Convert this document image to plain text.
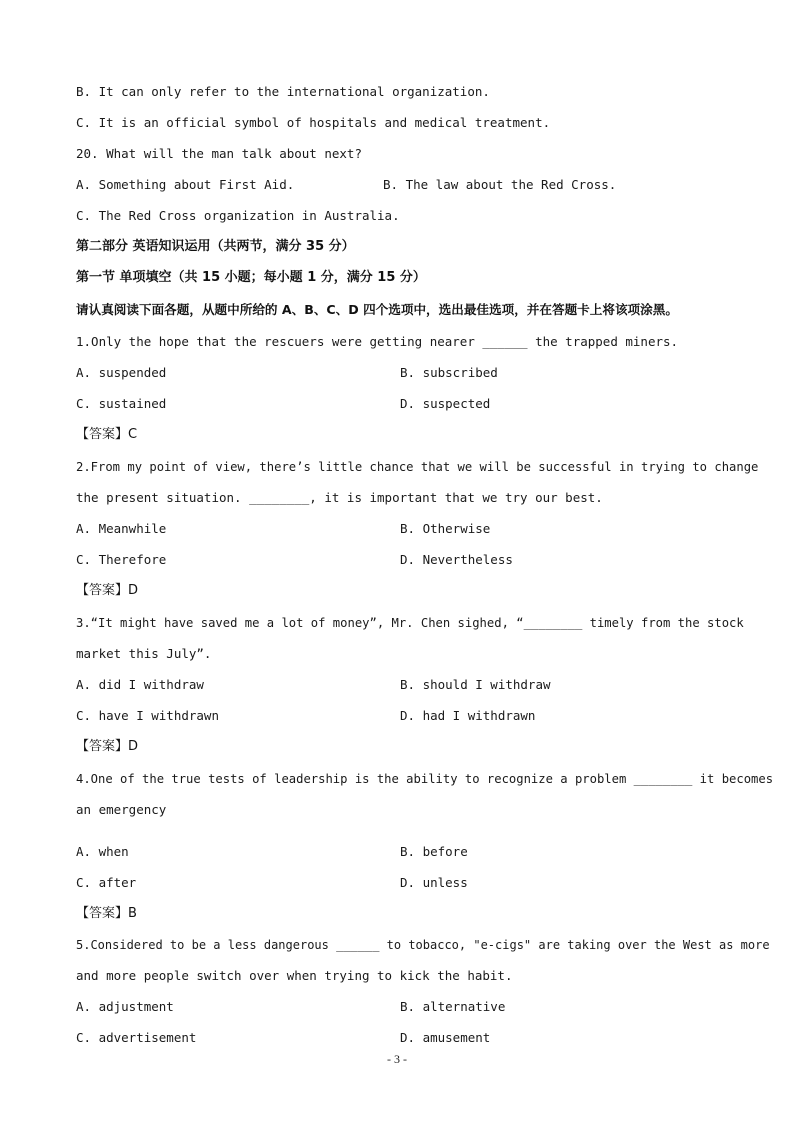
B. It can only refer to the international organization.
C. It is an official symbol of hospitals and medical treatment.
20. What will the man talk about next?
A. Something about First Aid.	B. The law about the Red Cross.
C. The Red Cross organization in Australia.
第二部分 英语知识运用（共两节，满分 35 分）
第一节 单项填空（共 15 小题；每小题 1 分，满分 15 分）
请认真阅读下面各题，从题中所给的 A、B、C、D 四个选项中，选出最佳选项，并在答题卡上将该项涂黑。
1.Only the hope that the rescuers were getting nearer ______ the trapped miners.
A. suspended	B. subscribed
C. sustained	D. suspected
【答案】C
2.From my point of view, there’s little chance that we will be successful in trying to change
the present situation. ________, it is important that we try our best.
A. Meanwhile	B. Otherwise
C. Therefore	D. Nevertheless
【答案】D
3.“It might have saved me a lot of money”, Mr. Chen sighed, “________ timely from the stock
market this July”.
A. did I withdraw	B. should I withdraw
C. have I withdrawn	D. had I withdrawn
【答案】D
4.One of the true tests of leadership is the ability to recognize a problem ________ it becomes
an emergency
A. when	B. before
C. after	D. unless
【答案】B
5.Considered to be a less dangerous ______ to tobacco, "e-cigs" are taking over the West as more
and more people switch over when trying to kick the habit.
A. adjustment	B. alternative
C. advertisement	D. amusement
- 3 -
